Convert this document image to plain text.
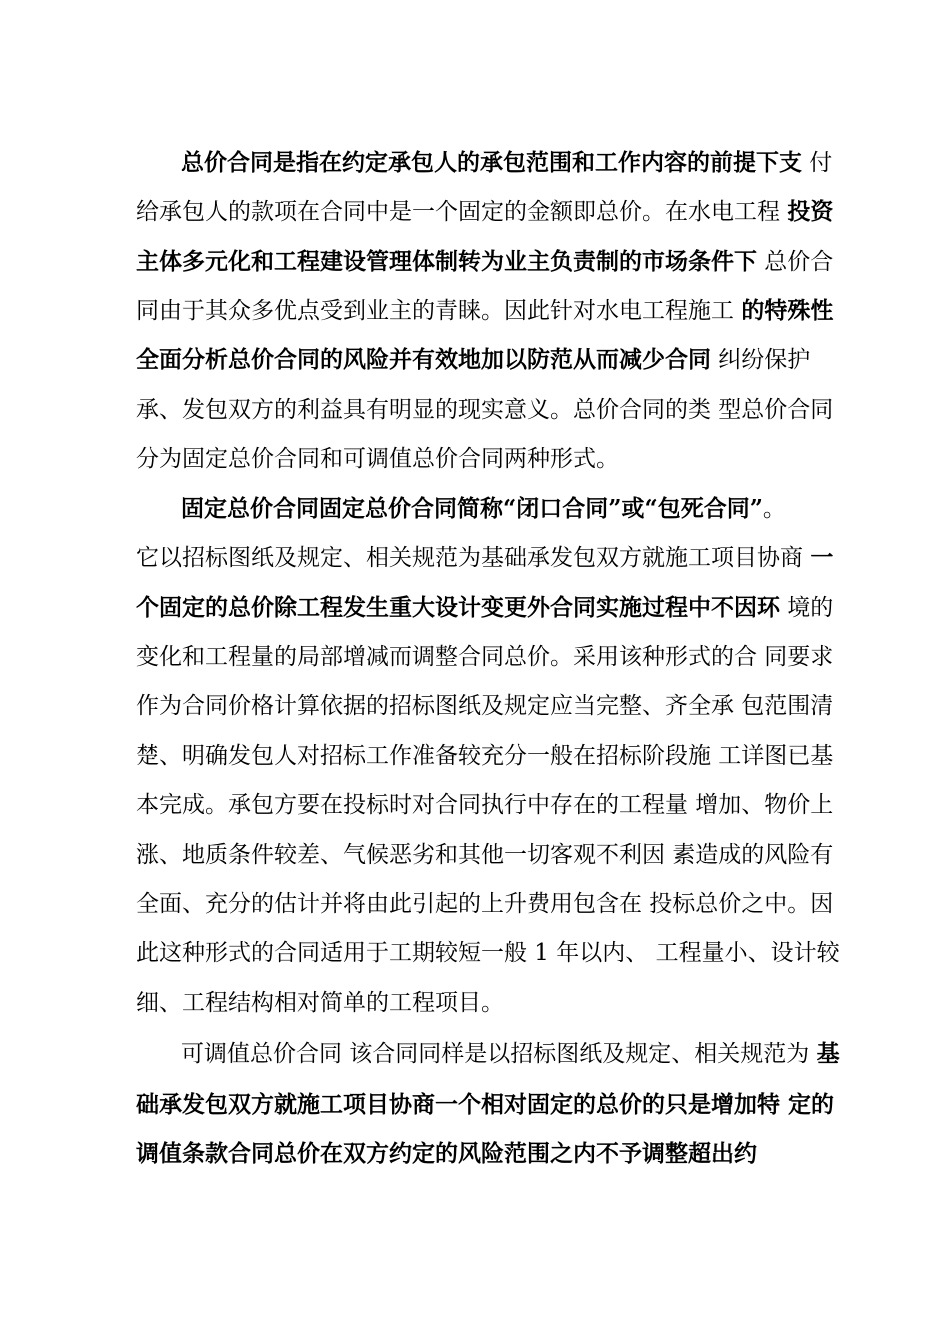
总价合同是指在约定承包人的承包范围和工作内容的前提下支 付
给承包人的款项在合同中是一个固定的金额即总价。在水电工程 投资
主体多元化和工程建设管理体制转为业主负责制的市场条件下 总价合
同由于其众多优点受到业主的青睐。因此针对水电工程施工 的特殊性
全面分析总价合同的风险并有效地加以防范从而减少合同 纠纷保护
承、发包双方的利益具有明显的现实意义。总价合同的类 型总价合同
分为固定总价合同和可调值总价合同两种形式。
固定总价合同固定总价合同简称“闭口合同”或“包死合同”。
它以招标图纸及规定、相关规范为基础承发包双方就施工项目协商 一
个固定的总价除工程发生重大设计变更外合同实施过程中不因环 境的
变化和工程量的局部增减而调整合同总价。采用该种形式的合 同要求
作为合同价格计算依据的招标图纸及规定应当完整、齐全承 包范围清
楚、明确发包人对招标工作准备较充分一般在招标阶段施 工详图已基
本完成。承包方要在投标时对合同执行中存在的工程量 增加、物价上
涨、地质条件较差、气候恶劣和其他一切客观不利因 素造成的风险有
全面、充分的估计并将由此引起的上升费用包含在 投标总价之中。因
此这种形式的合同适用于工期较短一般 1 年以内、 工程量小、设计较
细、工程结构相对简单的工程项目。
可调值总价合同 该合同同样是以招标图纸及规定、相关规范为 基
础承发包双方就施工项目协商一个相对固定的总价的只是增加特 定的
调值条款合同总价在双方约定的风险范围之内不予调整超出约
